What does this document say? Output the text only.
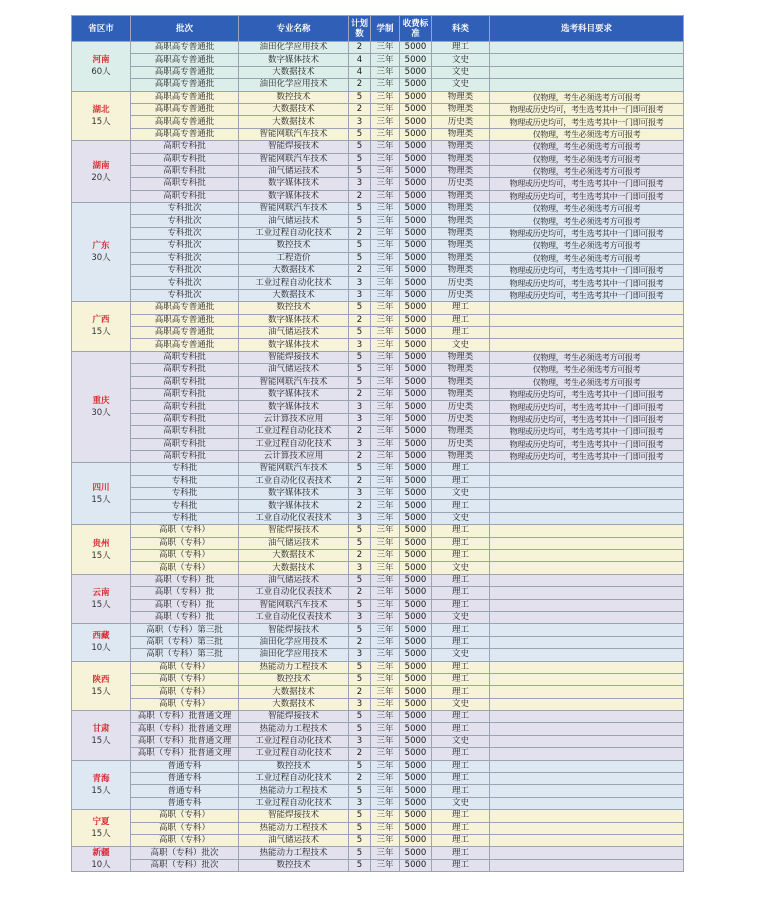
省区市	批次	专业名称	计划数	学制	收费标准	科类	选考科目要求

河南
60人	高职高专普通批	油田化学应用技术	2	三年	5000	理工	
	高职高专普通批	数字媒体技术	4	三年	5000	文史	
	高职高专普通批	大数据技术	4	三年	5000	文史	
	高职高专普通批	油田化学应用技术	2	三年	5000	文史	

湖北
15人	高职高专普通批	数控技术	5	三年	5000	物理类	仅物理，考生必须选考方可报考
	高职高专普通批	大数据技术	2	三年	5000	物理类	物理或历史均可，考生选考其中一门即可报考
	高职高专普通批	大数据技术	3	三年	5000	历史类	物理或历史均可，考生选考其中一门即可报考
	高职高专普通批	智能网联汽车技术	5	三年	5000	物理类	仅物理，考生必须选考方可报考

湖南
20人	高职专科批	智能焊接技术	5	三年	5000	物理类	仅物理，考生必须选考方可报考
	高职专科批	智能网联汽车技术	5	三年	5000	物理类	仅物理，考生必须选考方可报考
	高职专科批	油气储运技术	5	三年	5000	物理类	仅物理，考生必须选考方可报考
	高职专科批	数字媒体技术	3	三年	5000	历史类	物理或历史均可，考生选考其中一门即可报考
	高职专科批	数字媒体技术	2	三年	5000	物理类	物理或历史均可，考生选考其中一门即可报考

广东
30人	专科批次	智能网联汽车技术	5	三年	5000	物理类	仅物理，考生必须选考方可报考
	专科批次	油气储运技术	5	三年	5000	物理类	仅物理，考生必须选考方可报考
	专科批次	工业过程自动化技术	2	三年	5000	物理类	物理或历史均可，考生选考其中一门即可报考
	专科批次	数控技术	5	三年	5000	物理类	仅物理，考生必须选考方可报考
	专科批次	工程造价	5	三年	5000	物理类	仅物理，考生必须选考方可报考
	专科批次	大数据技术	2	三年	5000	物理类	物理或历史均可，考生选考其中一门即可报考
	专科批次	工业过程自动化技术	3	三年	5000	历史类	物理或历史均可，考生选考其中一门即可报考
	专科批次	大数据技术	3	三年	5000	历史类	物理或历史均可，考生选考其中一门即可报考

广西
15人	高职高专普通批	数控技术	5	三年	5000	理工	
	高职高专普通批	数字媒体技术	2	三年	5000	理工	
	高职高专普通批	油气储运技术	5	三年	5000	理工	
	高职高专普通批	数字媒体技术	3	三年	5000	文史	

重庆
30人	高职专科批	智能焊接技术	5	三年	5000	物理类	仅物理，考生必须选考方可报考
	高职专科批	油气储运技术	5	三年	5000	物理类	仅物理，考生必须选考方可报考
	高职专科批	智能网联汽车技术	5	三年	5000	物理类	仅物理，考生必须选考方可报考
	高职专科批	数字媒体技术	2	三年	5000	物理类	物理或历史均可，考生选考其中一门即可报考
	高职专科批	数字媒体技术	3	三年	5000	历史类	物理或历史均可，考生选考其中一门即可报考
	高职专科批	云计算技术应用	3	三年	5000	历史类	物理或历史均可，考生选考其中一门即可报考
	高职专科批	工业过程自动化技术	2	三年	5000	物理类	物理或历史均可，考生选考其中一门即可报考
	高职专科批	工业过程自动化技术	3	三年	5000	历史类	物理或历史均可，考生选考其中一门即可报考
	高职专科批	云计算技术应用	2	三年	5000	物理类	物理或历史均可，考生选考其中一门即可报考

四川
15人	专科批	智能网联汽车技术	5	三年	5000	理工	
	专科批	工业自动化仪表技术	2	三年	5000	理工	
	专科批	数字媒体技术	3	三年	5000	文史	
	专科批	数字媒体技术	2	三年	5000	理工	
	专科批	工业自动化仪表技术	3	三年	5000	文史	

贵州
15人	高职（专科）	智能焊接技术	5	三年	5000	理工	
	高职（专科）	油气储运技术	5	三年	5000	理工	
	高职（专科）	大数据技术	2	三年	5000	理工	
	高职（专科）	大数据技术	3	三年	5000	文史	

云南
15人	高职（专科）批	油气储运技术	5	三年	5000	理工	
	高职（专科）批	工业自动化仪表技术	2	三年	5000	理工	
	高职（专科）批	智能网联汽车技术	5	三年	5000	理工	
	高职（专科）批	工业自动化仪表技术	3	三年	5000	文史	

西藏
10人	高职（专科）第三批	智能焊接技术	5	三年	5000	理工	
	高职（专科）第三批	油田化学应用技术	2	三年	5000	理工	
	高职（专科）第三批	油田化学应用技术	3	三年	5000	文史	

陕西
15人	高职（专科）	热能动力工程技术	5	三年	5000	理工	
	高职（专科）	数控技术	5	三年	5000	理工	
	高职（专科）	大数据技术	2	三年	5000	理工	
	高职（专科）	大数据技术	3	三年	5000	文史	

甘肃
15人	高职（专科）批普通文理	智能焊接技术	5	三年	5000	理工	
	高职（专科）批普通文理	热能动力工程技术	5	三年	5000	理工	
	高职（专科）批普通文理	工业过程自动化技术	3	三年	5000	文史	
	高职（专科）批普通文理	工业过程自动化技术	2	三年	5000	理工	

青海
15人	普通专科	数控技术	5	三年	5000	理工	
	普通专科	工业过程自动化技术	2	三年	5000	理工	
	普通专科	热能动力工程技术	5	三年	5000	理工	
	普通专科	工业过程自动化技术	3	三年	5000	文史	

宁夏
15人	高职（专科）	智能焊接技术	5	三年	5000	理工	
	高职（专科）	热能动力工程技术	5	三年	5000	理工	
	高职（专科）	油气储运技术	5	三年	5000	理工	

新疆
10人	高职（专科）批次	热能动力工程技术	5	三年	5000	理工	
	高职（专科）批次	数控技术	5	三年	5000	理工	
